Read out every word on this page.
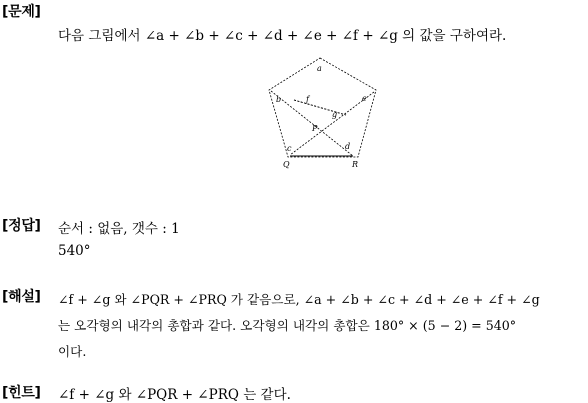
[문제]
다음 그림에서 ∠a + ∠b + ∠c + ∠d + ∠e + ∠f + ∠g 의 값을 구하여라.
a
b
c	d
e
f
g
P
Q	R
[정답] 순서 : 없음, 갯수 : 1
540°
[해설] ∠f + ∠g 와 ∠PQR + ∠PRQ 가 같음으로, ∠a + ∠b + ∠c + ∠d + ∠e + ∠f + ∠g
는 오각형의 내각의 총합과 같다. 오각형의 내각의 총합은 180° × (5 − 2) = 540°
이다.
[힌트] ∠f + ∠g 와 ∠PQR + ∠PRQ 는 같다.
